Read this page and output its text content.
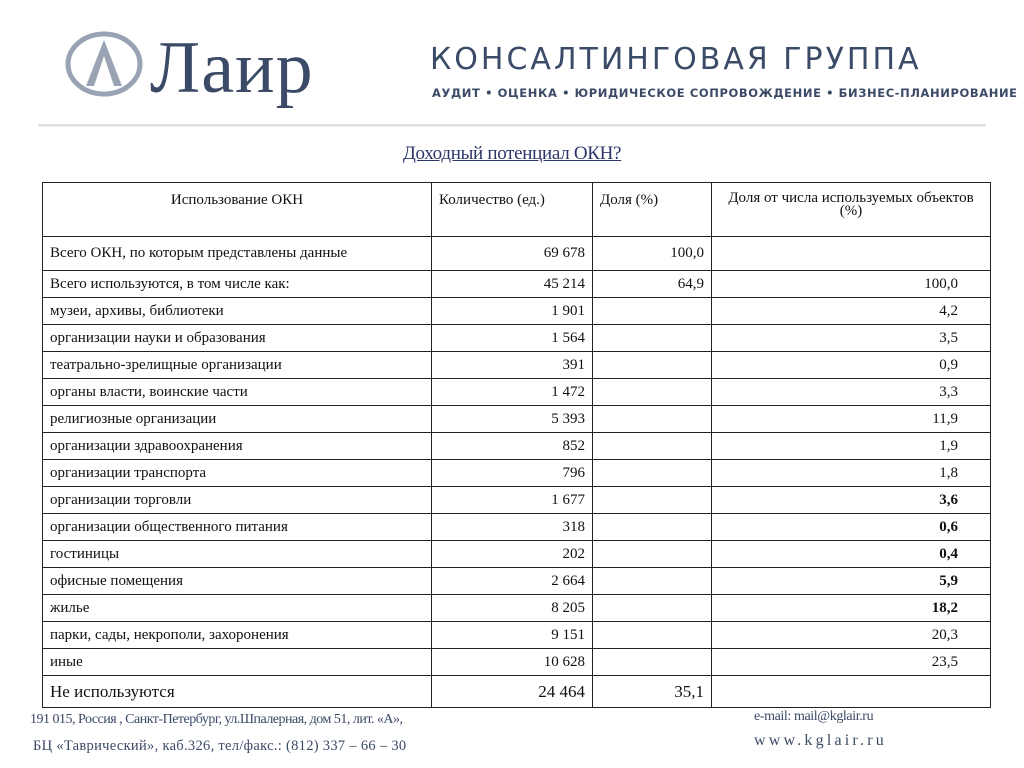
Лаир	КОНСАЛТИНГОВАЯ ГРУППА
АУДИТ • ОЦЕНКА • ЮРИДИЧЕСКОЕ СОПРОВОЖДЕНИЕ • БИЗНЕС-ПЛАНИРОВАНИЕ
Доходный потенциал ОКН?
Использование ОКН	Количество (ед.)	Доля (%)	Доля от числа используемых объектов (%)
Всего ОКН, по которым представлены данные	69 678	100,0	
Всего используются, в том числе как:	45 214	64,9	100,0
музеи, архивы, библиотеки	1 901		4,2
организации науки и образования	1 564		3,5
театрально-зрелищные организации	391		0,9
органы власти, воинские части	1 472		3,3
религиозные организации	5 393		11,9
организации здравоохранения	852		1,9
организации транспорта	796		1,8
организации торговли	1 677		3,6
организации общественного питания	318		0,6
гостиницы	202		0,4
офисные помещения	2 664		5,9
жилье	8 205		18,2
парки, сады, некрополи, захоронения	9 151		20,3
иные	10 628		23,5
Не используются	24 464	35,1	
191 015, Россия , Санкт-Петербург, ул.Шпалерная, дом 51, лит. «А»,
БЦ «Таврический», каб.326, тел/факс.: (812) 337 – 66 – 30
e-mail: mail@kglair.ru
www.kglair.ru
